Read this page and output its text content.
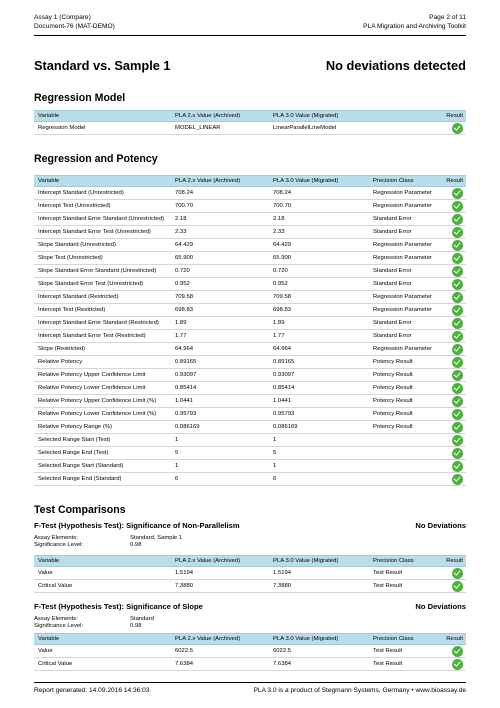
Assay 1 (Compare)
Document-76 (MAT-DEMO)
Page 2 of 11
PLA Migration and Archiving Toolkit
Standard vs. Sample 1	No deviations detected
Regression Model
Variable	PLA 2.x Value (Archived)	PLA 3.0 Value (Migrated)	Result
Regression Model	MODEL_LINEAR	LinearParallelLineModel	
Regression and Potency
Variable	PLA 2.x Value (Archived)	PLA 3.0 Value (Migrated)	Precision Class	Result
Intercept Standard (Unrestricted)	708.24	708.24	Regression Parameter	
Intercept Test (Unrestricted)	700.70	700.70	Regression Parameter	
Intercept Standard Error Standard (Unrestricted)	2.18	2.18	Standard Error	
Intercept Standard Error Test (Unrestricted)	2.33	2.33	Standard Error	
Slope Standard (Unrestricted)	64.429	64.429	Regression Parameter	
Slope Test (Unrestricted)	65.900	65.900	Regression Parameter	
Slope Standard Error Standard (Unrestricted)	0.720	0.720	Standard Error	
Slope Standard Error Test (Unrestricted)	0.952	0.952	Standard Error	
Intercept Standard (Restricted)	709.58	709.58	Regression Parameter	
Intercept Test (Restricted)	698.83	698.83	Regression Parameter	
Intercept Standard Error Standard (Restricted)	1.89	1.89	Standard Error	
Intercept Standard Error Test (Restricted)	1.77	1.77	Standard Error	
Slope (Restricted)	64.964	64.964	Regression Parameter	
Relative Potency	0.89165	0.89165	Potency Result	
Relative Potency Upper Confidence Limit	0.93097	0.93097	Potency Result	
Relative Potency Lower Confidence Limit	0.85414	0.85414	Potency Result	
Relative Potency Upper Confidence Limit (%)	1.0441	1.0441	Potency Result	
Relative Potency Lower Confidence Limit (%)	0.95793	0.95793	Potency Result	
Relative Potency Range (%)	0.086169	0.086169	Potency Result	
Selected Range Start (Test)	1	1		
Selected Range End (Test)	5	5		
Selected Range Start (Standard)	1	1		
Selected Range End (Standard)	6	6		
Test Comparisons
F-Test (Hypothesis Test): Significance of Non-Parallelism	No Deviations
Assay Elements:	Standard, Sample 1
Significance Level:	0.98
Variable	PLA 2.x Value (Archived)	PLA 3.0 Value (Migrated)	Precision Class	Result
Value	1.5194	1.5194	Test Result	
Critical Value	7.3880	7.3880	Test Result	
F-Test (Hypothesis Test): Significance of Slope	No Deviations
Assay Elements:	Standard
Significance Level:	0.98
Variable	PLA 2.x Value (Archived)	PLA 3.0 Value (Migrated)	Precision Class	Result
Value	6022.5	6022.5	Test Result	
Critical Value	7.6384	7.6384	Test Result	
Report generated: 14.09.2016 14:36:03	PLA 3.0 is a product of Stegmann Systems, Germany • www.bioassay.de
